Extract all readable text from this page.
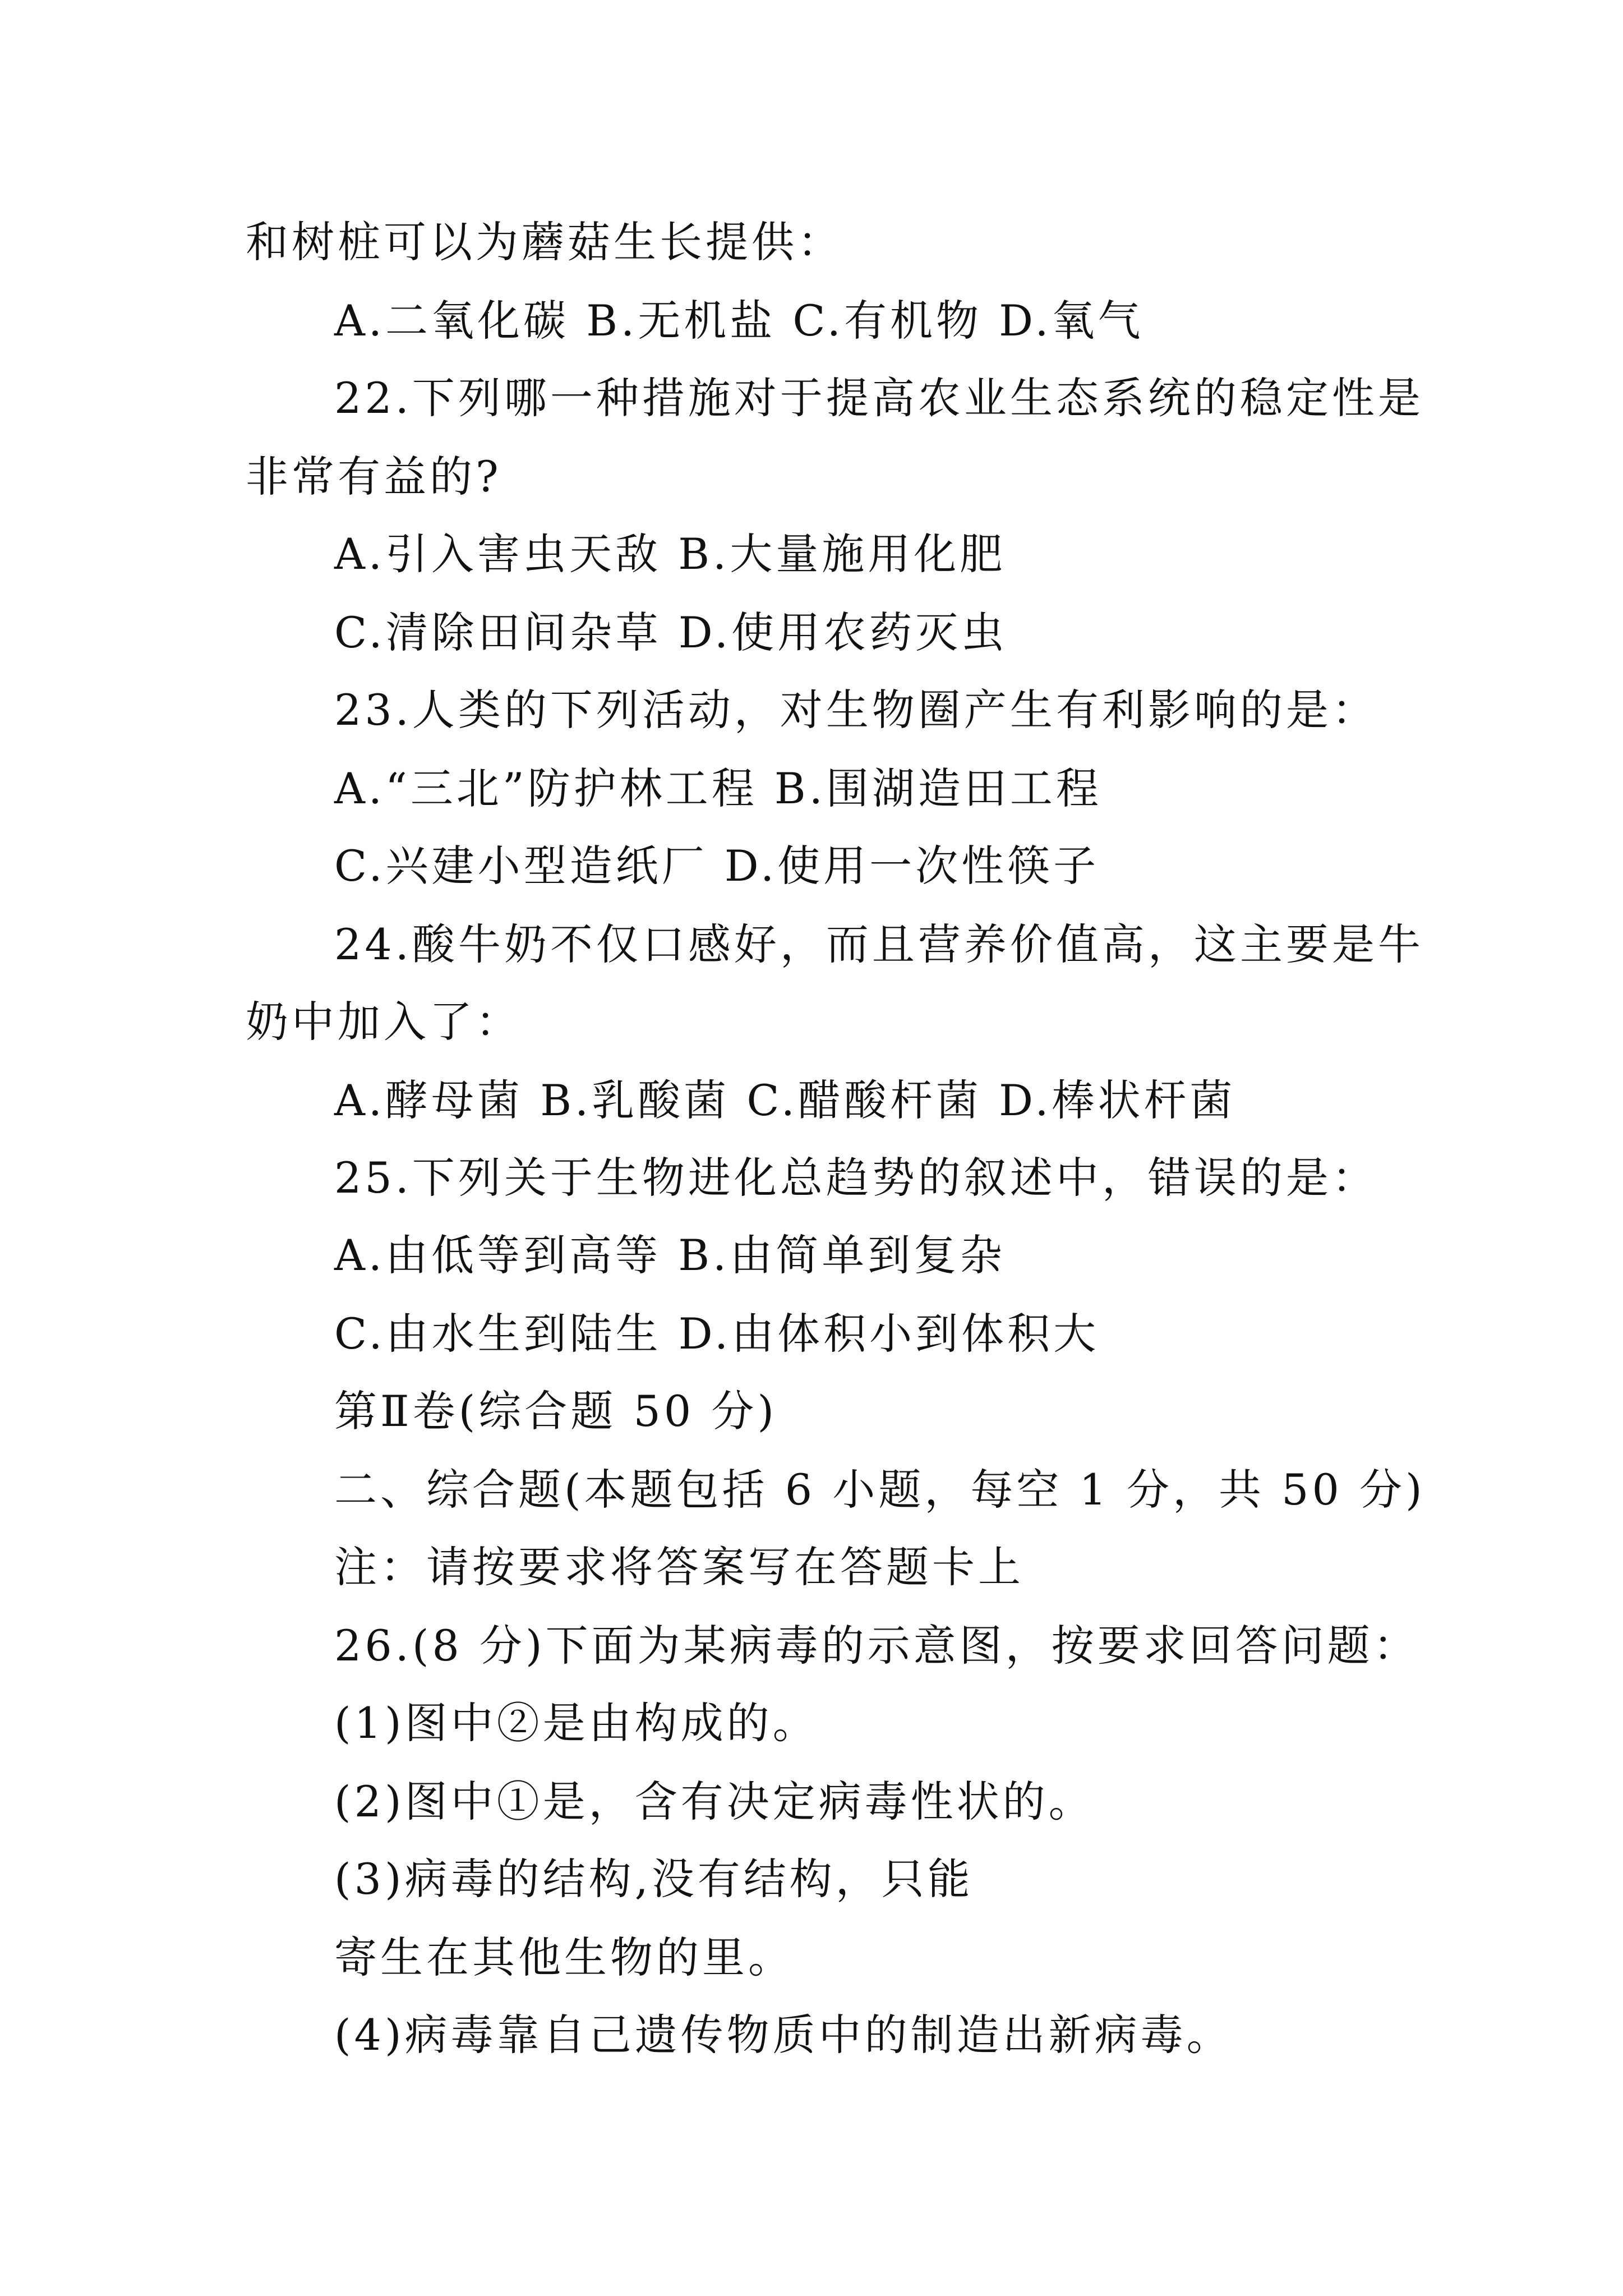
和树桩可以为蘑菇生长提供：
A.二氧化碳 B.无机盐 C.有机物 D.氧气
22.下列哪一种措施对于提高农业生态系统的稳定性是
非常有益的?
A.引入害虫天敌 B.大量施用化肥
C.清除田间杂草 D.使用农药灭虫
23.人类的下列活动，对生物圈产生有利影响的是：
A.“三北”防护林工程 B.围湖造田工程
C.兴建小型造纸厂 D.使用一次性筷子
24.酸牛奶不仅口感好，而且营养价值高，这主要是牛
奶中加入了：
A.酵母菌 B.乳酸菌 C.醋酸杆菌 D.棒状杆菌
25.下列关于生物进化总趋势的叙述中，错误的是：
A.由低等到高等 B.由简单到复杂
C.由水生到陆生 D.由体积小到体积大
第Ⅱ卷(综合题 50 分)
二、综合题(本题包括 6 小题，每空 1 分，共 50 分)
注：请按要求将答案写在答题卡上
26.(8 分)下面为某病毒的示意图，按要求回答问题：
(1)图中②是由构成的。
(2)图中①是，含有决定病毒性状的。
(3)病毒的结构,没有结构，只能
寄生在其他生物的里。
(4)病毒靠自己遗传物质中的制造出新病毒。
